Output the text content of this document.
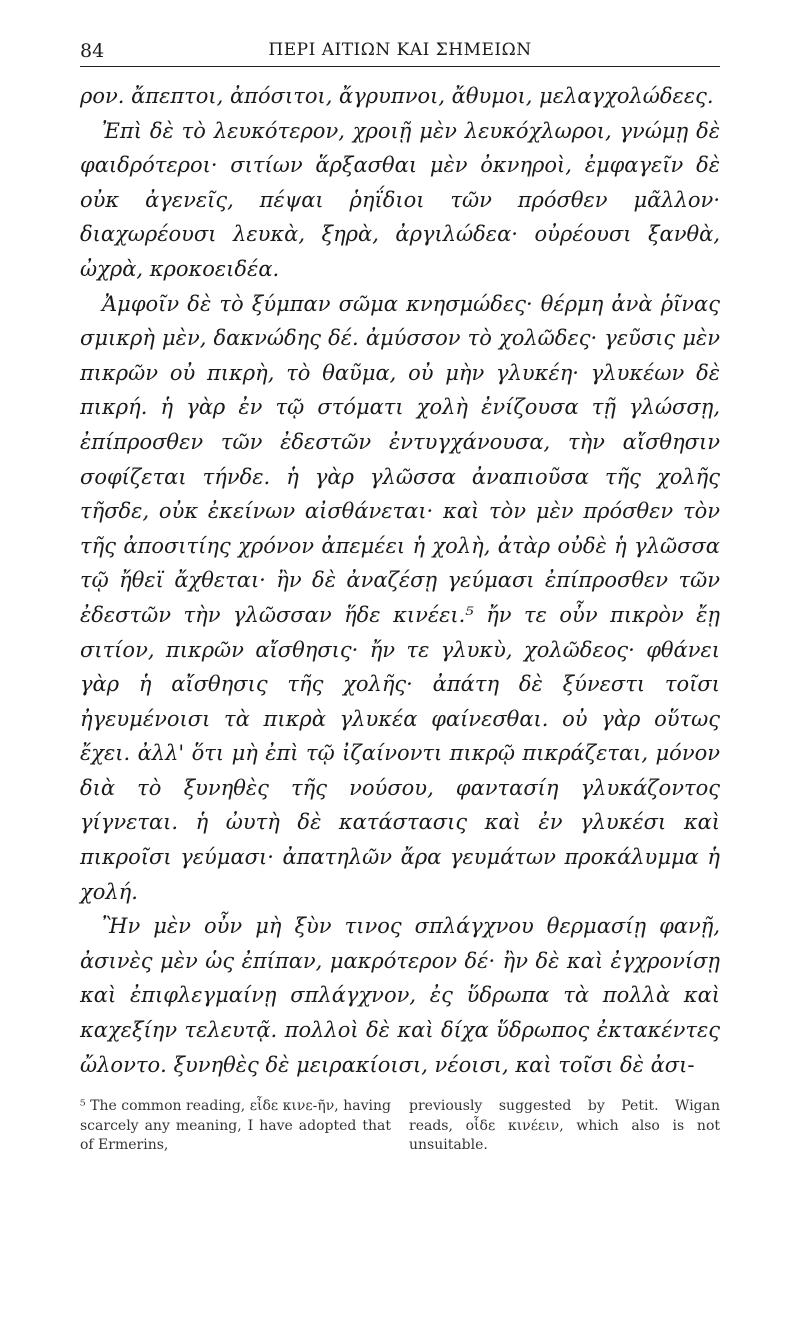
84	ΠΕΡΙ ΑΙΤΙΩΝ ΚΑΙ ΣΗΜΕΙΩΝ

ρον. ἄπεπτοι, ἀπόσιτοι, ἄγρυπνοι, ἄθυμοι, μελαγχολώδεες.

Ἐπὶ δὲ τὸ λευκότερον, χροιῇ μὲν λευκόχλωροι, γνώμῃ δὲ φαιδρότεροι· σιτίων ἅρξασθαι μὲν ὀκνηροὶ, ἐμφαγεῖν δὲ οὐκ ἀγενεῖς, πέψαι ῥηΐδιοι τῶν πρόσθεν μᾶλλον· διαχωρέουσι λευκὰ, ξηρὰ, ἀργιλώδεα· οὐρέουσι ξανθὰ, ὠχρὰ, κροκοειδέα.

Ἀμφοῖν δὲ τὸ ξύμπαν σῶμα κνησμώδες· θέρμη ἀνὰ ῥῖνας σμικρὴ μὲν, δακνώδης δέ. ἀμύσσον τὸ χολῶδες· γεῦσις μὲν πικρῶν οὐ πικρὴ, τὸ θαῦμα, οὐ μὴν γλυκέη· γλυκέων δὲ πικρή. ἡ γὰρ ἐν τῷ στόματι χολὴ ἐνίζουσα τῇ γλώσσῃ, ἐπίπροσθεν τῶν ἐδεστῶν ἐντυγχάνουσα, τὴν αἴσθησιν σοφίζεται τήνδε. ἡ γὰρ γλῶσσα ἀναπιοῦσα τῆς χολῆς τῆσδε, οὐκ ἐκείνων αἰσθάνεται· καὶ τὸν μὲν πρόσθεν τὸν τῆς ἀποσιτίης χρόνον ἀπεμέει ἡ χολὴ, ἀτὰρ οὐδὲ ἡ γλῶσσα τῷ ἤθεϊ ἄχθεται· ἢν δὲ ἀναζέσῃ γεύμασι ἐπίπροσθεν τῶν ἐδεστῶν τὴν γλῶσσαν ἥδε κινέει.⁵ ἤν τε οὖν πικρὸν ἔῃ σιτίον, πικρῶν αἴσθησις· ἤν τε γλυκὺ, χολῶδεος· φθάνει γὰρ ἡ αἴσθησις τῆς χολῆς· ἀπάτη δὲ ξύνεστι τοῖσι ἠγευμένοισι τὰ πικρὰ γλυκέα φαίνεσθαι. οὐ γὰρ οὕτως ἔχει. ἀλλ' ὅτι μὴ ἐπὶ τῷ ἰζαίνοντι πικρῷ πικράζεται, μόνον διὰ τὸ ξυνηθὲς τῆς νούσου, φαντασίη γλυκάζοντος γίγνεται. ἡ ὠυτὴ δὲ κατάστασις καὶ ἐν γλυκέσι καὶ πικροῖσι γεύμασι· ἀπατηλῶν ἄρα γευμάτων προκάλυμμα ἡ χολή.

Ἢν μὲν οὖν μὴ ξὺν τινος σπλάγχνου θερμασίῃ φανῇ, ἀσινὲς μὲν ὡς ἐπίπαν, μακρότερον δέ· ἢν δὲ καὶ ἐγχρονίσῃ καὶ ἐπιφλεγμαίνῃ σπλάγχνον, ἐς ὕδρωπα τὰ πολλὰ καὶ καχεξίην τελευτᾷ. πολλοὶ δὲ καὶ δίχα ὕδρωπος ἐκτακέντες ὤλοντο. ξυνηθὲς δὲ μειρακίοισι, νέοισι, καὶ τοῖσι δὲ ἀσι-

⁵ The common reading, εἶδε κινε-ῆν, having scarcely any meaning, I have adopted that of Ermerins,
previously suggested by Petit. Wigan reads, οἷδε κινέειν, which also is not unsuitable.
